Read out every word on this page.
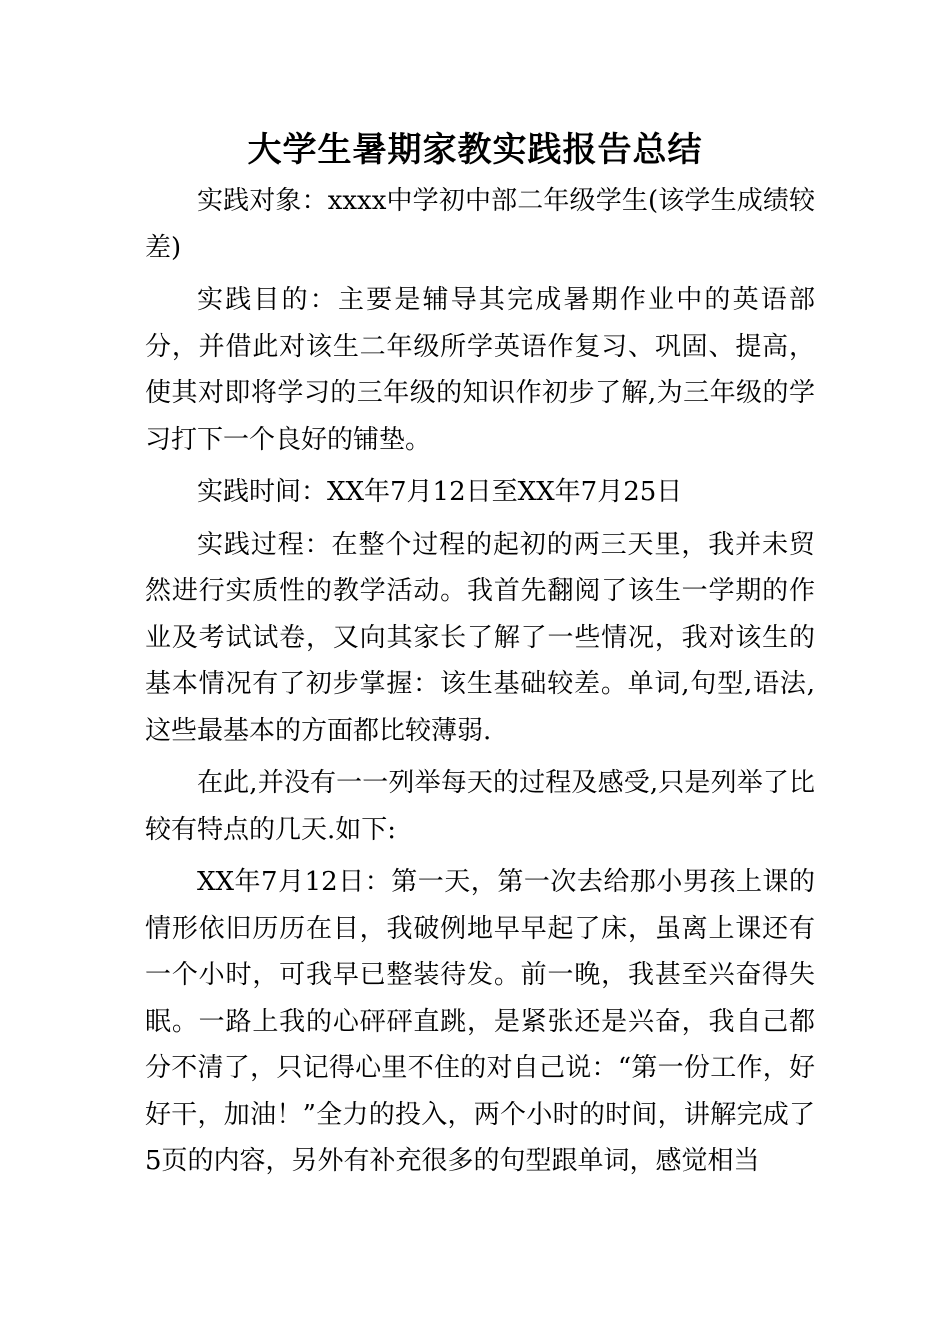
大学生暑期家教实践报告总结

实践对象：xxxx中学初中部二年级学生(该学生成绩较差)

实践目的：主要是辅导其完成暑期作业中的英语部分，并借此对该生二年级所学英语作复习、巩固、提高，使其对即将学习的三年级的知识作初步了解,为三年级的学习打下一个良好的铺垫。

实践时间：XX年7月12日至XX年7月25日

实践过程：在整个过程的起初的两三天里，我并未贸然进行实质性的教学活动。我首先翻阅了该生一学期的作业及考试试卷，又向其家长了解了一些情况，我对该生的基本情况有了初步掌握：该生基础较差。单词,句型,语法,这些最基本的方面都比较薄弱.

在此,并没有一一列举每天的过程及感受,只是列举了比较有特点的几天.如下:

XX年7月12日：第一天，第一次去给那小男孩上课的情形依旧历历在目，我破例地早早起了床，虽离上课还有一个小时，可我早已整装待发。前一晚，我甚至兴奋得失眠。一路上我的心砰砰直跳，是紧张还是兴奋，我自己都分不清了，只记得心里不住的对自己说：“第一份工作，好好干，加油！”全力的投入，两个小时的时间，讲解完成了5页的内容，另外有补充很多的句型跟单词，感觉相当
